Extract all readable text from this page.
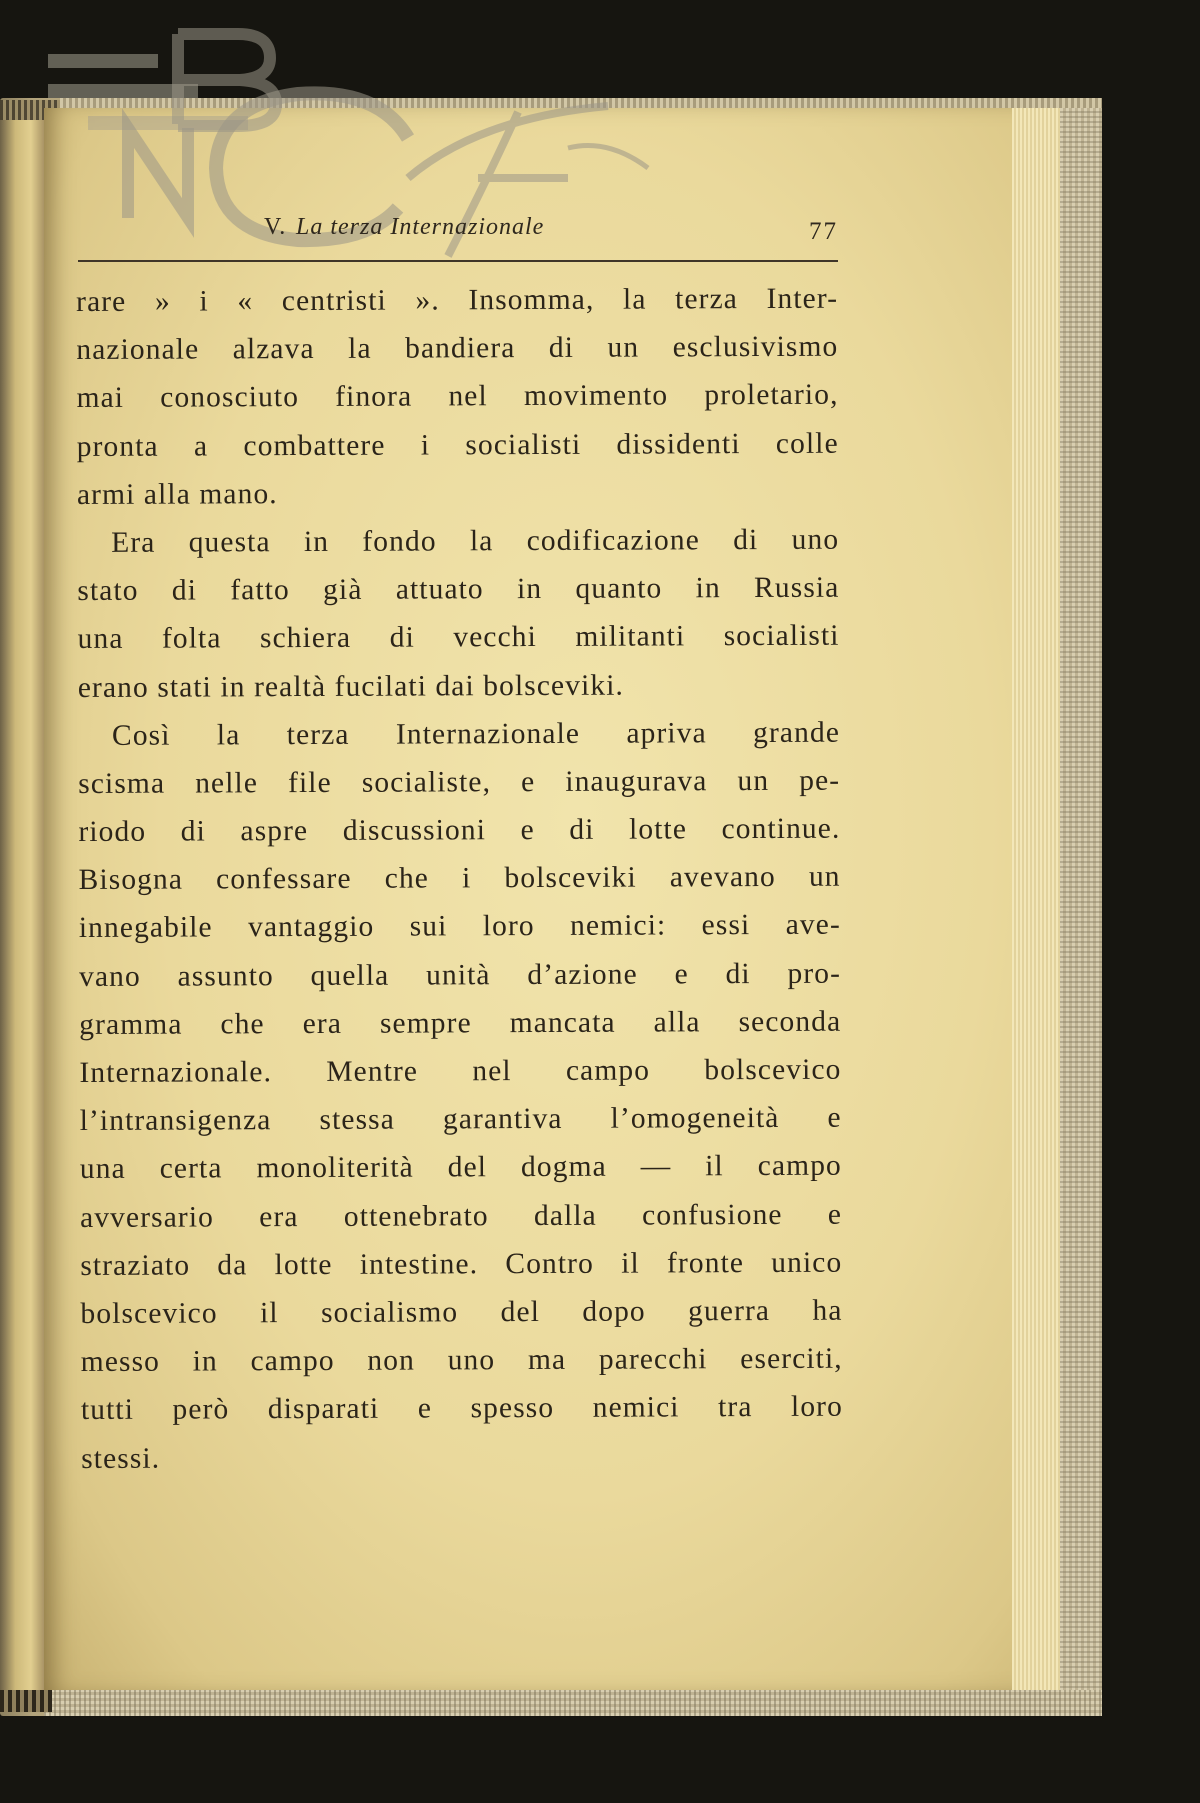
V. La terza Internazionale	77
rare » i « centristi ». Insomma, la terza Inter-
nazionale alzava la bandiera di un esclusivismo
mai conosciuto finora nel movimento proletario,
pronta a combattere i socialisti dissidenti colle
armi alla mano.
Era questa in fondo la codificazione di uno
stato di fatto già attuato in quanto in Russia
una folta schiera di vecchi militanti socialisti
erano stati in realtà fucilati dai bolsceviki.
Così la terza Internazionale apriva grande
scisma nelle file socialiste, e inaugurava un pe-
riodo di aspre discussioni e di lotte continue.
Bisogna confessare che i bolsceviki avevano un
innegabile vantaggio sui loro nemici: essi ave-
vano assunto quella unità d’azione e di pro-
gramma che era sempre mancata alla seconda
Internazionale. Mentre nel campo bolscevico
l’intransigenza stessa garantiva l’omogeneità e
una certa monoliterità del dogma — il campo
avversario era ottenebrato dalla confusione e
straziato da lotte intestine. Contro il fronte unico
bolscevico il socialismo del dopo guerra ha
messo in campo non uno ma parecchi eserciti,
tutti però disparati e spesso nemici tra loro
stessi.
